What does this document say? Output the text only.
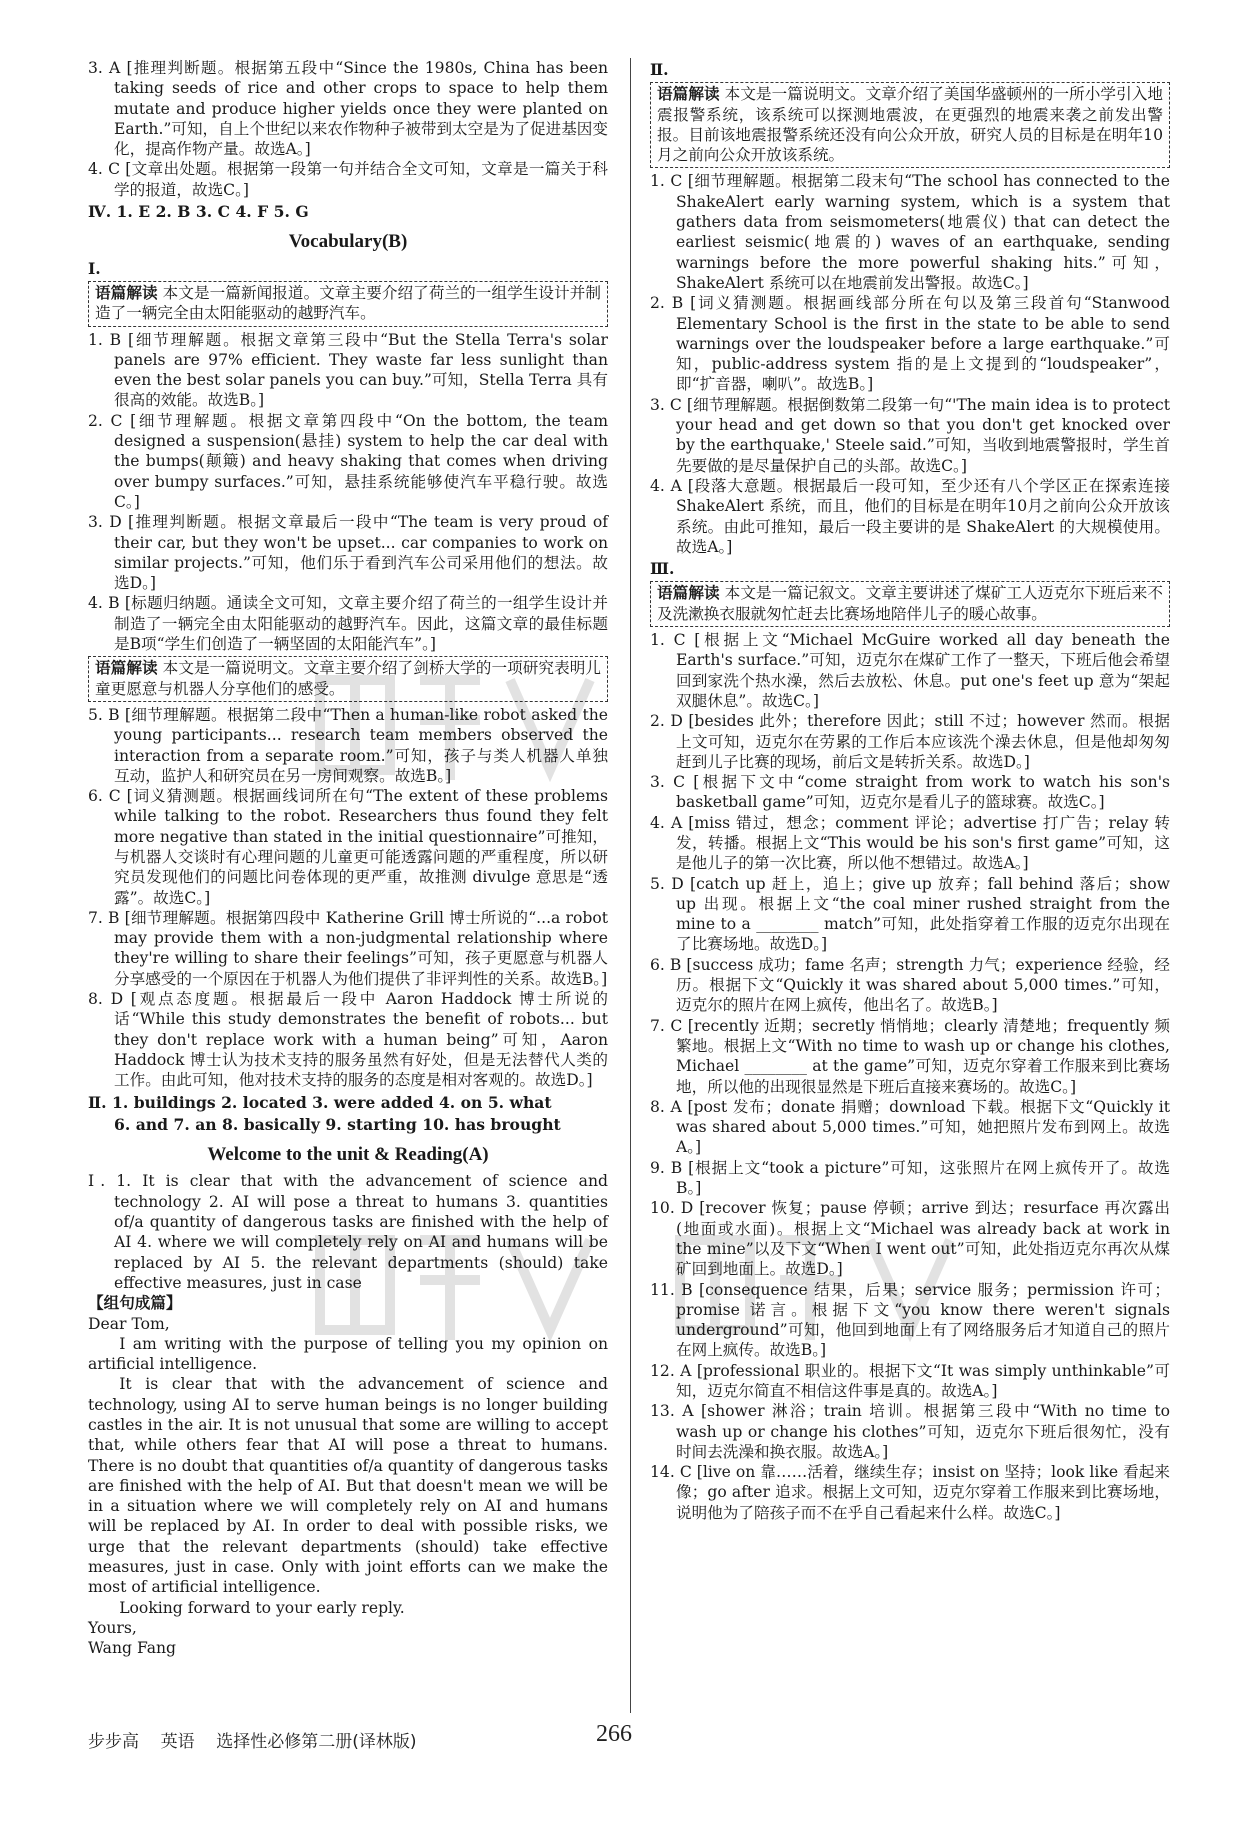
3. A [推理判断题。根据第五段中“Since the 1980s, China has been taking seeds of rice and other crops to space to help them mutate and produce higher yields once they were planted on Earth.”可知，自上个世纪以来农作物种子被带到太空是为了促进基因变化，提高作物产量。故选A。]

4. C [文章出处题。根据第一段第一句并结合全文可知，文章是一篇关于科学的报道，故选C。]

Ⅳ. 1. E 2. B 3. C 4. F 5. G

Vocabulary(B)

Ⅰ.

语篇解读 本文是一篇新闻报道。文章主要介绍了荷兰的一组学生设计并制造了一辆完全由太阳能驱动的越野汽车。

1. B [细节理解题。根据文章第三段中“But the Stella Terra's solar panels are 97% efficient. They waste far less sunlight than even the best solar panels you can buy.”可知，Stella Terra 具有很高的效能。故选B。]

2. C [细节理解题。根据文章第四段中“On the bottom, the team designed a suspension(悬挂) system to help the car deal with the bumps(颠簸) and heavy shaking that comes when driving over bumpy surfaces.”可知，悬挂系统能够使汽车平稳行驶。故选C。]

3. D [推理判断题。根据文章最后一段中“The team is very proud of their car, but they won't be upset... car companies to work on similar projects.”可知，他们乐于看到汽车公司采用他们的想法。故选D。]

4. B [标题归纳题。通读全文可知，文章主要介绍了荷兰的一组学生设计并制造了一辆完全由太阳能驱动的越野汽车。因此，这篇文章的最佳标题是B项“学生们创造了一辆坚固的太阳能汽车”。]

语篇解读 本文是一篇说明文。文章主要介绍了剑桥大学的一项研究表明儿童更愿意与机器人分享他们的感受。

5. B [细节理解题。根据第二段中“Then a human-like robot asked the young participants... research team members observed the interaction from a separate room.”可知，孩子与类人机器人单独互动，监护人和研究员在另一房间观察。故选B。]

6. C [词义猜测题。根据画线词所在句“The extent of these problems while talking to the robot. Researchers thus found they felt more negative than stated in the initial questionnaire”可推知，与机器人交谈时有心理问题的儿童更可能透露问题的严重程度，所以研究员发现他们的问题比问卷体现的更严重，故推测 divulge 意思是“透露”。故选C。]

7. B [细节理解题。根据第四段中 Katherine Grill 博士所说的“...a robot may provide them with a non-judgmental relationship where they're willing to share their feelings”可知，孩子更愿意与机器人分享感受的一个原因在于机器人为他们提供了非评判性的关系。故选B。]

8. D [观点态度题。根据最后一段中 Aaron Haddock 博士所说的话“While this study demonstrates the benefit of robots... but they don't replace work with a human being”可知，Aaron Haddock 博士认为技术支持的服务虽然有好处，但是无法替代人类的工作。由此可知，他对技术支持的服务的态度是相对客观的。故选D。]

Ⅱ. 1. buildings 2. located 3. were added 4. on 5. what

6. and 7. an 8. basically 9. starting 10. has brought

Welcome to the unit & Reading(A)

Ⅰ. 1. It is clear that with the advancement of science and technology 2. AI will pose a threat to humans 3. quantities of/a quantity of dangerous tasks are finished with the help of AI 4. where we will completely rely on AI and humans will be replaced by AI 5. the relevant departments (should) take effective measures, just in case

【组句成篇】

Dear Tom,

I am writing with the purpose of telling you my opinion on artificial intelligence.

It is clear that with the advancement of science and technology, using AI to serve human beings is no longer building castles in the air. It is not unusual that some are willing to accept that, while others fear that AI will pose a threat to humans. There is no doubt that quantities of/a quantity of dangerous tasks are finished with the help of AI. But that doesn't mean we will be in a situation where we will completely rely on AI and humans will be replaced by AI. In order to deal with possible risks, we urge that the relevant departments (should) take effective measures, just in case. Only with joint efforts can we make the most of artificial intelligence.

Looking forward to your early reply.

Yours,

Wang Fang

Ⅱ.

语篇解读 本文是一篇说明文。文章介绍了美国华盛顿州的一所小学引入地震报警系统，该系统可以探测地震波，在更强烈的地震来袭之前发出警报。目前该地震报警系统还没有向公众开放，研究人员的目标是在明年10月之前向公众开放该系统。

1. C [细节理解题。根据第二段末句“The school has connected to the ShakeAlert early warning system, which is a system that gathers data from seismometers(地震仪) that can detect the earliest seismic(地震的) waves of an earthquake, sending warnings before the more powerful shaking hits.”可知，ShakeAlert 系统可以在地震前发出警报。故选C。]

2. B [词义猜测题。根据画线部分所在句以及第三段首句“Stanwood Elementary School is the first in the state to be able to send warnings over the loudspeaker before a large earthquake.”可知，public-address system 指的是上文提到的“loudspeaker”，即“扩音器，喇叭”。故选B。]

3. C [细节理解题。根据倒数第二段第一句“'The main idea is to protect your head and get down so that you don't get knocked over by the earthquake,' Steele said.”可知，当收到地震警报时，学生首先要做的是尽量保护自己的头部。故选C。]

4. A [段落大意题。根据最后一段可知，至少还有八个学区正在探索连接 ShakeAlert 系统，而且，他们的目标是在明年10月之前向公众开放该系统。由此可推知，最后一段主要讲的是 ShakeAlert 的大规模使用。故选A。]

Ⅲ.

语篇解读 本文是一篇记叙文。文章主要讲述了煤矿工人迈克尔下班后来不及洗漱换衣服就匆忙赶去比赛场地陪伴儿子的暖心故事。

1. C [根据上文“Michael McGuire worked all day beneath the Earth's surface.”可知，迈克尔在煤矿工作了一整天，下班后他会希望回到家洗个热水澡，然后去放松、休息。put one's feet up 意为“架起双腿休息”。故选C。]

2. D [besides 此外；therefore 因此；still 不过；however 然而。根据上文可知，迈克尔在劳累的工作后本应该洗个澡去休息，但是他却匆匆赶到儿子比赛的现场，前后文是转折关系。故选D。]

3. C [根据下文中“come straight from work to watch his son's basketball game”可知，迈克尔是看儿子的篮球赛。故选C。]

4. A [miss 错过，想念；comment 评论；advertise 打广告；relay 转发，转播。根据上文“This would be his son's first game”可知，这是他儿子的第一次比赛，所以他不想错过。故选A。]

5. D [catch up 赶上，追上；give up 放弃；fall behind 落后；show up 出现。根据上文“the coal miner rushed straight from the mine to a ________ match”可知，此处指穿着工作服的迈克尔出现在了比赛场地。故选D。]

6. B [success 成功；fame 名声；strength 力气；experience 经验，经历。根据下文“Quickly it was shared about 5,000 times.”可知，迈克尔的照片在网上疯传，他出名了。故选B。]

7. C [recently 近期；secretly 悄悄地；clearly 清楚地；frequently 频繁地。根据上文“With no time to wash up or change his clothes, Michael ________ at the game”可知，迈克尔穿着工作服来到比赛场地，所以他的出现很显然是下班后直接来赛场的。故选C。]

8. A [post 发布；donate 捐赠；download 下载。根据下文“Quickly it was shared about 5,000 times.”可知，她把照片发布到网上。故选A。]

9. B [根据上文“took a picture”可知，这张照片在网上疯传开了。故选B。]

10. D [recover 恢复；pause 停顿；arrive 到达；resurface 再次露出(地面或水面)。根据上文“Michael was already back at work in the mine”以及下文“When I went out”可知，此处指迈克尔再次从煤矿回到地面上。故选D。]

11. B [consequence 结果，后果；service 服务；permission 许可；promise 诺言。根据下文“you know there weren't signals underground”可知，他回到地面上有了网络服务后才知道自己的照片在网上疯传。故选B。]

12. A [professional 职业的。根据下文“It was simply unthinkable”可知，迈克尔简直不相信这件事是真的。故选A。]

13. A [shower 淋浴；train 培训。根据第三段中“With no time to wash up or change his clothes”可知，迈克尔下班后很匆忙，没有时间去洗澡和换衣服。故选A。]

14. C [live on 靠……活着，继续生存；insist on 坚持；look like 看起来像；go after 追求。根据上文可知，迈克尔穿着工作服来到比赛场地，说明他为了陪孩子而不在乎自己看起来什么样。故选C。]

步步高 英语 选择性必修第二册(译林版)	266
